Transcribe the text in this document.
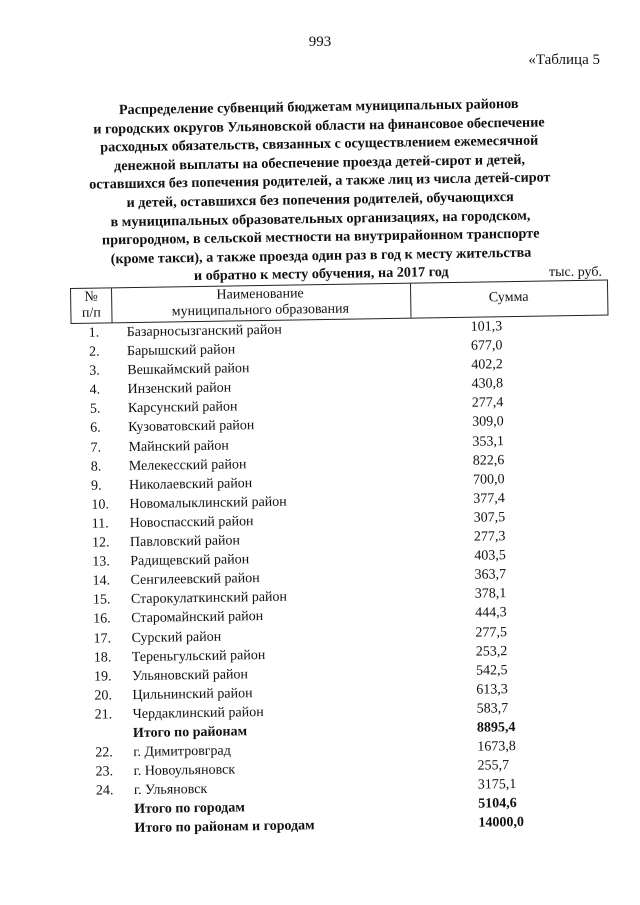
993
«Таблица 5
Распределение субвенций бюджетам муниципальных районов
и городских округов Ульяновской области на финансовое обеспечение
расходных обязательств, связанных с осуществлением ежемесячной
денежной выплаты на обеспечение проезда детей-сирот и детей,
оставшихся без попечения родителей, а также лиц из числа детей-сирот
и детей, оставшихся без попечения родителей, обучающихся
в муниципальных образовательных организациях, на городском,
пригородном, в сельской местности на внутрирайонном транспорте
(кроме такси), а также проезда один раз в год к месту жительства
и обратно к месту обучения, на 2017 год	тыс. руб.
№
п/п
Наименование
муниципального образования
Сумма
1. Базарносызганский район	101,3
2. Барышский район	677,0
3. Вешкаймский район	402,2
4. Инзенский район	430,8
5. Карсунский район	277,4
6. Кузоватовский район	309,0
7. Майнский район	353,1
8. Мелекесский район	822,6
9. Николаевский район	700,0
10. Новомалыклинский район	377,4
11. Новоспасский район	307,5
12. Павловский район	277,3
13. Радищевский район	403,5
14. Сенгилеевский район	363,7
15. Старокулаткинский район	378,1
16. Старомайнский район	444,3
17. Сурский район	277,5
18. Тереньгульский район	253,2
19. Ульяновский район	542,5
20. Цильнинский район	613,3
21. Чердаклинский район	583,7
Итого по районам	8895,4
22. г. Димитровград	1673,8
23. г. Новоульяновск	255,7
24. г. Ульяновск	3175,1
Итого по городам	5104,6
Итого по районам и городам	14000,0
